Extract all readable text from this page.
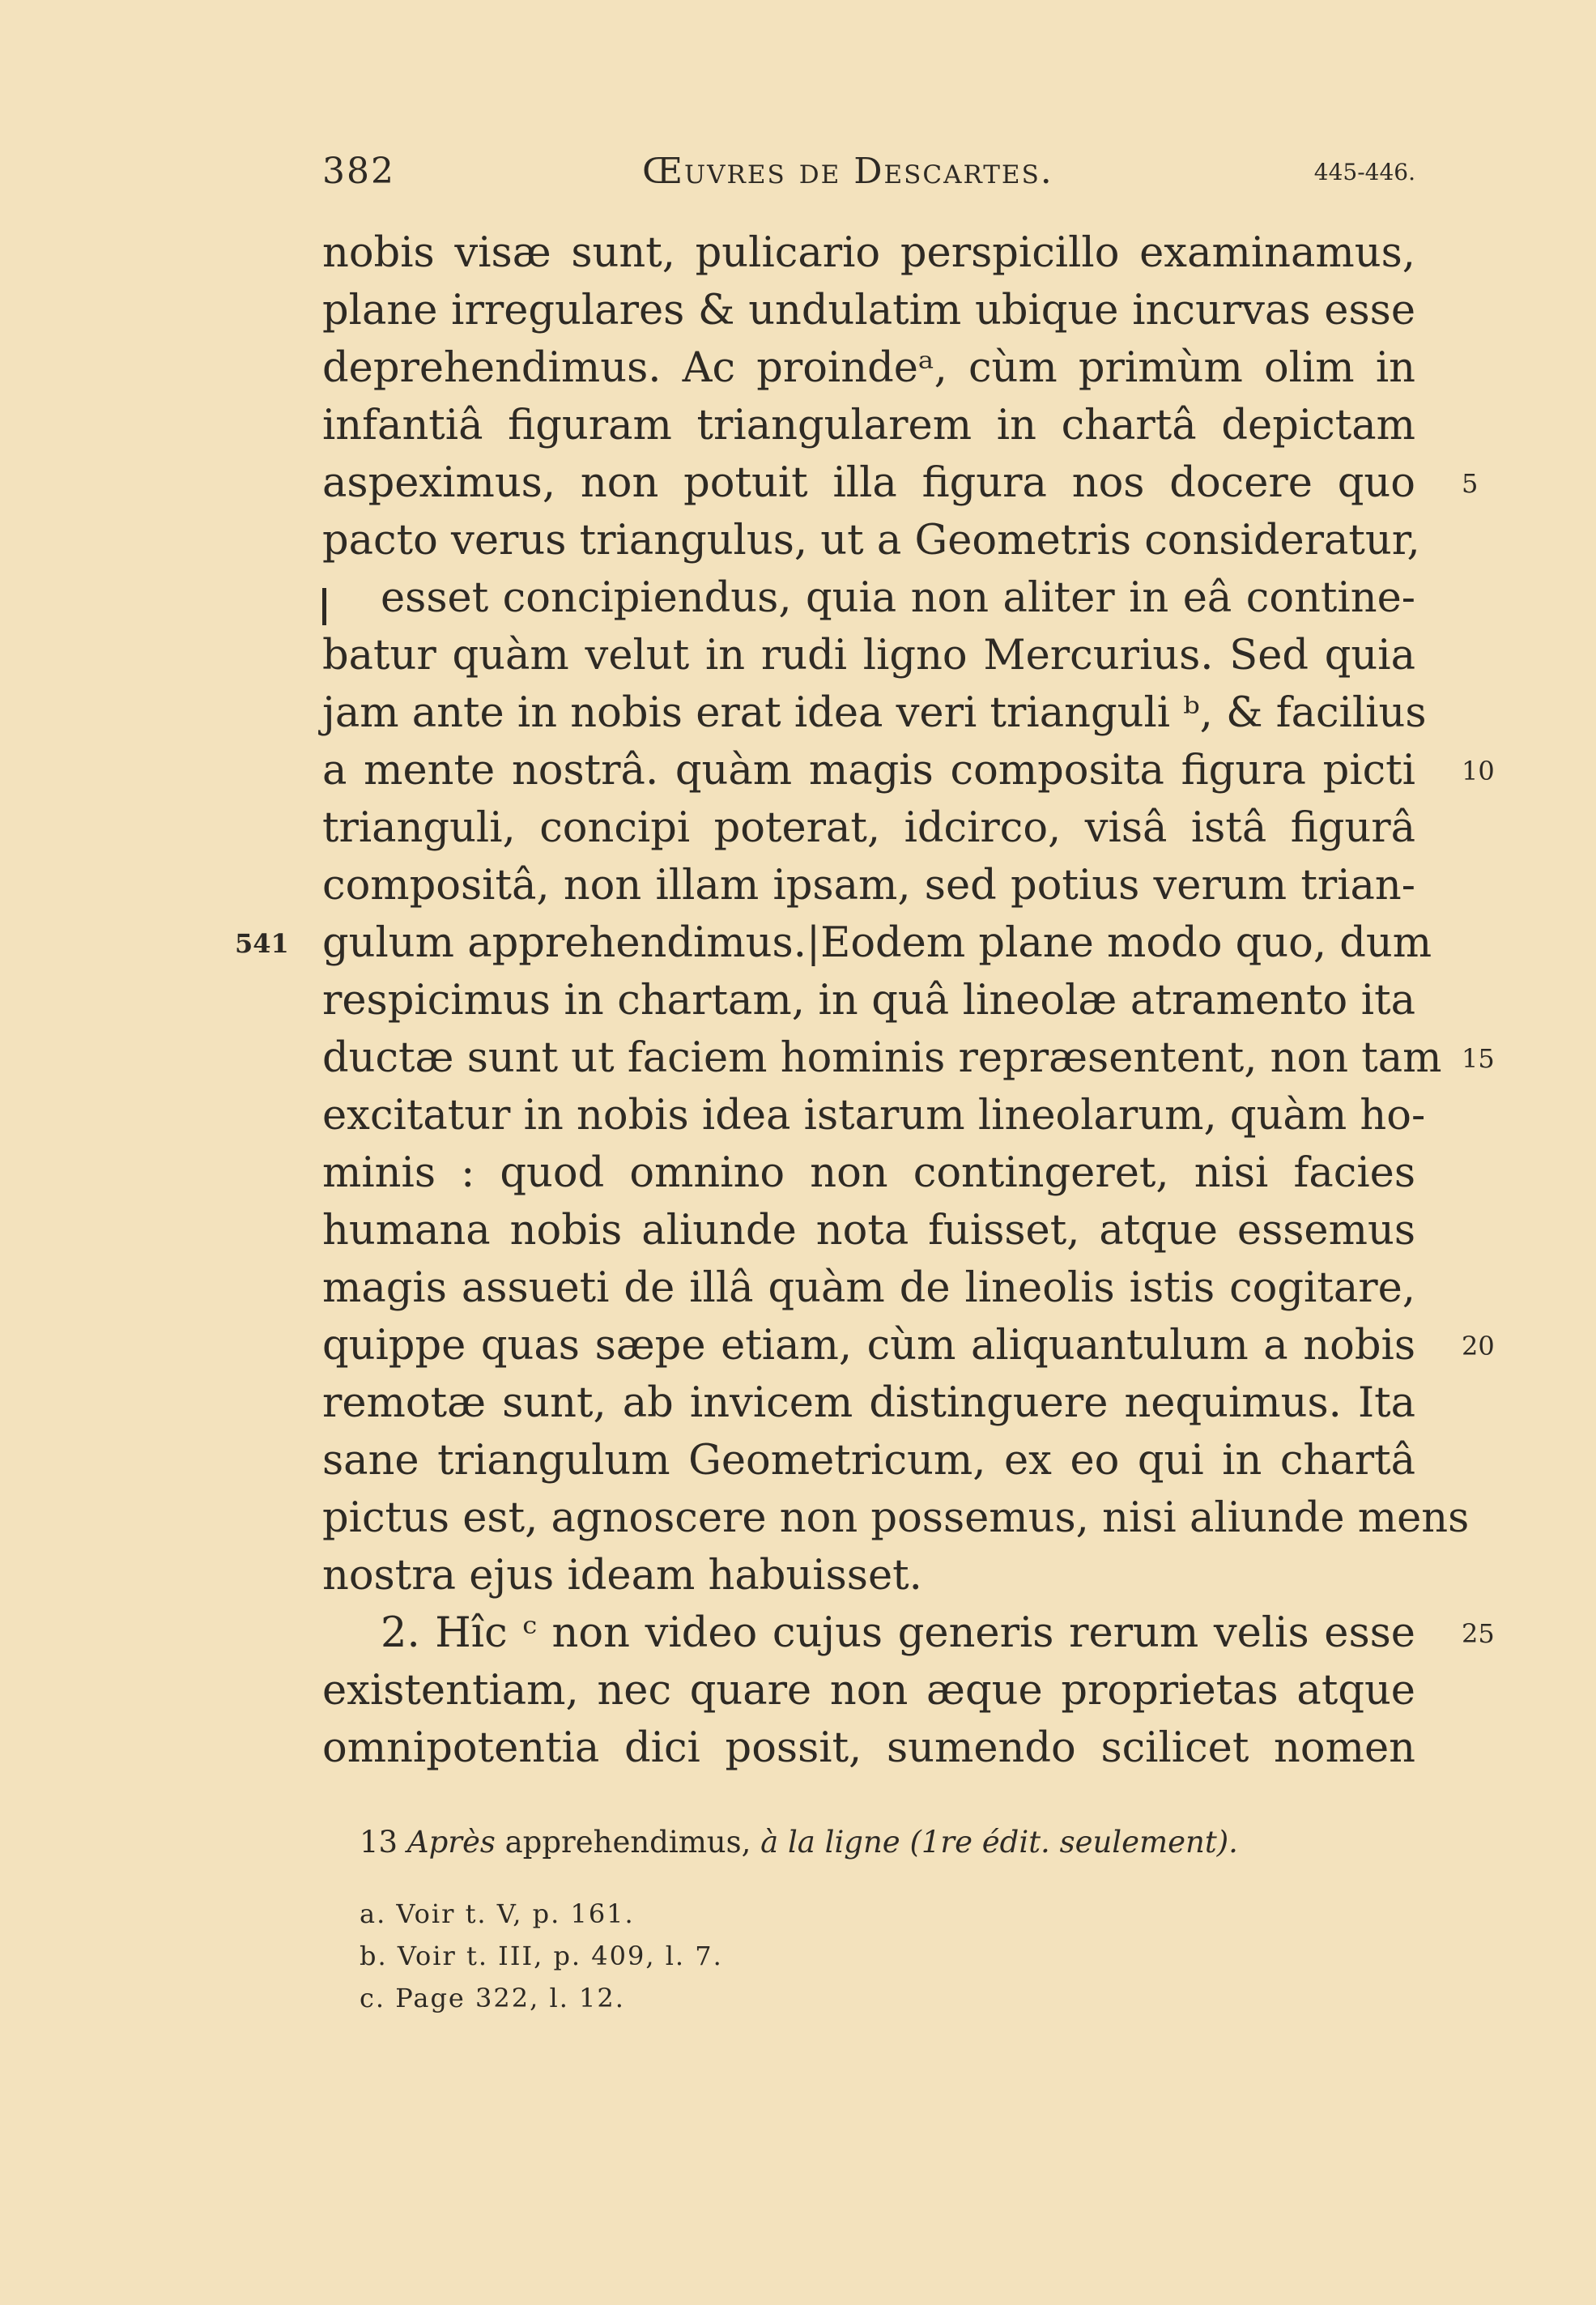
382	Œuvres de Descartes.	445-446.
nobis visæ sunt, pulicario perspicillo examinamus,
plane irregulares & undulatim ubique incurvas esse
deprehendimus. Ac proindeᵃ, cùm primùm olim in
infantiâ figuram triangularem in chartâ depictam
aspeximus, non potuit illa figura nos docere quo
pacto verus triangulus, ut a Geometris consideratur,
esset concipiendus, quia non aliter in eâ contine-
batur quàm velut in rudi ligno Mercurius. Sed quia
jam ante in nobis erat idea veri trianguli ᵇ, & facilius
a mente nostrâ. quàm magis composita figura picti
trianguli, concipi poterat, idcirco, visâ istâ figurâ
compositâ, non illam ipsam, sed potius verum trian-
gulum apprehendimus.|Eodem plane modo quo, dum
respicimus in chartam, in quâ lineolæ atramento ita
ductæ sunt ut faciem hominis repræsentent, non tam
excitatur in nobis idea istarum lineolarum, quàm ho-
minis : quod omnino non contingeret, nisi facies
humana nobis aliunde nota fuisset, atque essemus
magis assueti de illâ quàm de lineolis istis cogitare,
quippe quas sæpe etiam, cùm aliquantulum a nobis
remotæ sunt, ab invicem distinguere nequimus. Ita
sane triangulum Geometricum, ex eo qui in chartâ
pictus est, agnoscere non possemus, nisi aliunde mens
nostra ejus ideam habuisset.
2. Hîc ᶜ non video cujus generis rerum velis esse
existentiam, nec quare non æque proprietas atque
omnipotentia dici possit, sumendo scilicet nomen
5
10
15
20
25
541
13 Après apprehendimus, à la ligne (1re édit. seulement).
a. Voir t. V, p. 161.
b. Voir t. III, p. 409, l. 7.
c. Page 322, l. 12.
